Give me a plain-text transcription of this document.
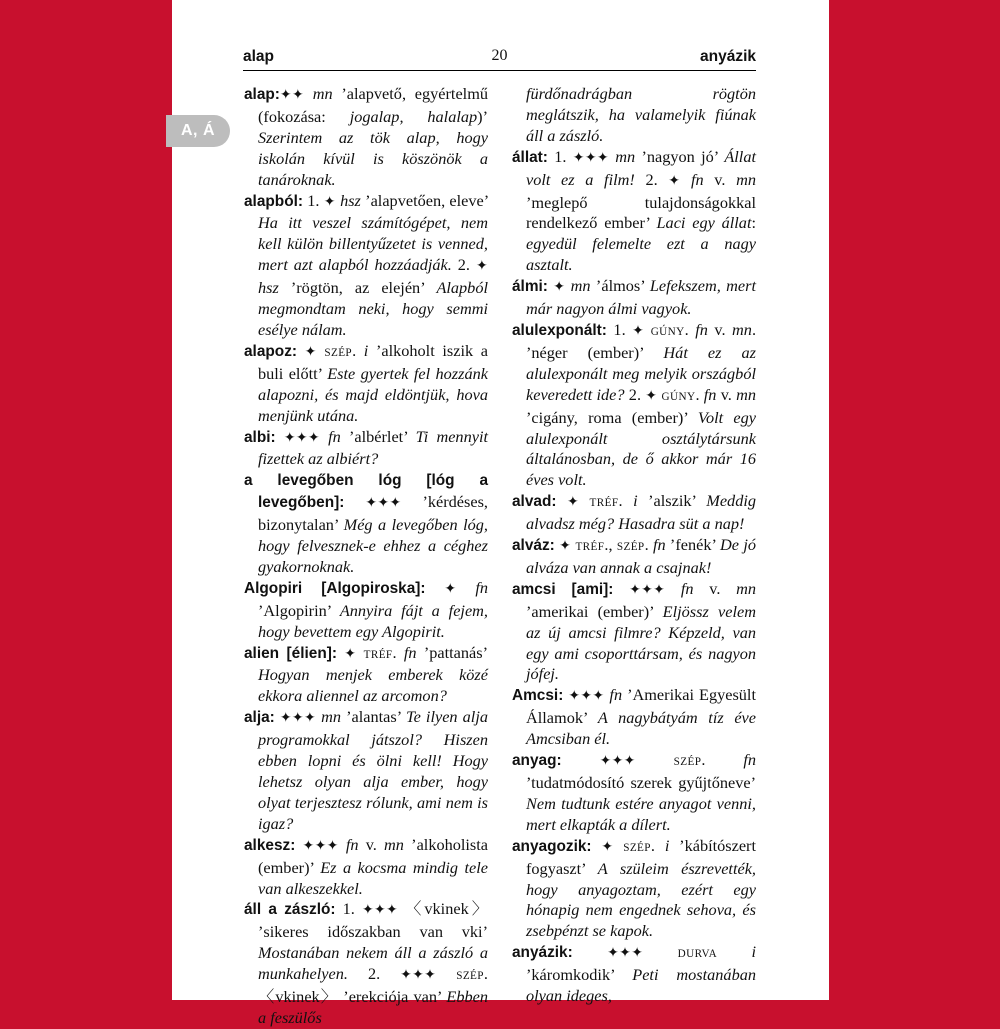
alap	20	anyázik
A, Á

alap:✦✦ mn ’alapvető, egyértelmű (fokozása: jogalap, halalap)’ Szerintem az tök alap, hogy iskolán kívül is köszönök a tanároknak.

alapból: 1. ✦ hsz ’alapvetően, eleve’ Ha itt veszel számítógépet, nem kell külön billentyűzetet is venned, mert azt alapból hozzáadják. 2. ✦ hsz ’rögtön, az elején’ Alapból megmondtam neki, hogy semmi esélye nálam.

alapoz: ✦ SZÉP. i ’alkoholt iszik a buli előtt’ Este gyertek fel hozzánk alapozni, és majd eldöntjük, hova menjünk utána.

albi: ✦✦✦ fn ’albérlet’ Ti mennyit fizettek az albiért?

a levegőben lóg [lóg a levegőben]: ✦✦✦ ’kérdéses, bizonytalan’ Még a levegőben lóg, hogy felvesznek-e ehhez a céghez gyakornoknak.

Algopiri [Algopiroska]: ✦ fn ’Algopirin’ Annyira fájt a fejem, hogy bevettem egy Algopirit.

alien [élien]: ✦ TRÉF. fn ’pattanás’ Hogyan menjek emberek közé ekkora aliennel az arcomon?

alja: ✦✦✦ mn ’alantas’ Te ilyen alja programokkal játszol? Hiszen ebben lopni és ölni kell! Hogy lehetsz olyan alja ember, hogy olyat terjesztesz rólunk, ami nem is igaz?

alkesz: ✦✦✦ fn v. mn ’alkoholista (ember)’ Ez a kocsma mindig tele van alkeszekkel.

áll a zászló: 1. ✦✦✦ 〈vkinek〉 ’sikeres időszakban van vki’ Mostanában nekem áll a zászló a munkahelyen. 2. ✦✦✦ SZÉP. 〈vkinek〉 ’erekciója van’ Ebben a feszülős

fürdőnadrágban rögtön meglátszik, ha valamelyik fiúnak áll a zászló.

állat: 1. ✦✦✦ mn ’nagyon jó’ Állat volt ez a film! 2. ✦ fn v. mn ’meglepő tulajdonságokkal rendelkező ember’ Laci egy állat: egyedül felemelte ezt a nagy asztalt.

álmi: ✦ mn ’álmos’ Lefekszem, mert már nagyon álmi vagyok.

alulexponált: 1. ✦ GÚNY. fn v. mn. ’néger (ember)’ Hát ez az alulexponált meg melyik országból keveredett ide? 2. ✦ GÚNY. fn v. mn ’cigány, roma (ember)’ Volt egy alulexponált osztálytársunk általánosban, de ő akkor már 16 éves volt.

alvad: ✦ TRÉF. i ’alszik’ Meddig alvadsz még? Hasadra süt a nap!

alváz: ✦ TRÉF., SZÉP. fn ’fenék’ De jó alváza van annak a csajnak!

amcsi [ami]: ✦✦✦ fn v. mn ’amerikai (ember)’ Eljössz velem az új amcsi filmre? Képzeld, van egy ami csoporttársam, és nagyon jófej.

Amcsi: ✦✦✦ fn ’Amerikai Egyesült Államok’ A nagybátyám tíz éve Amcsiban él.

anyag:	✦✦✦	SZÉP. fn ’tudatmódosító szerek gyűjtőneve’ Nem tudtunk estére anyagot venni, mert elkapták a dílert.

anyagozik: ✦ SZÉP. i ’kábítószert fogyaszt’ A szüleim észrevették, hogy anyagoztam, ezért egy hónapig nem engednek sehova, és zsebpénzt se kapok.

anyázik: ✦✦✦	DURVA i ’káromkodik’ Peti mostanában olyan ideges,
